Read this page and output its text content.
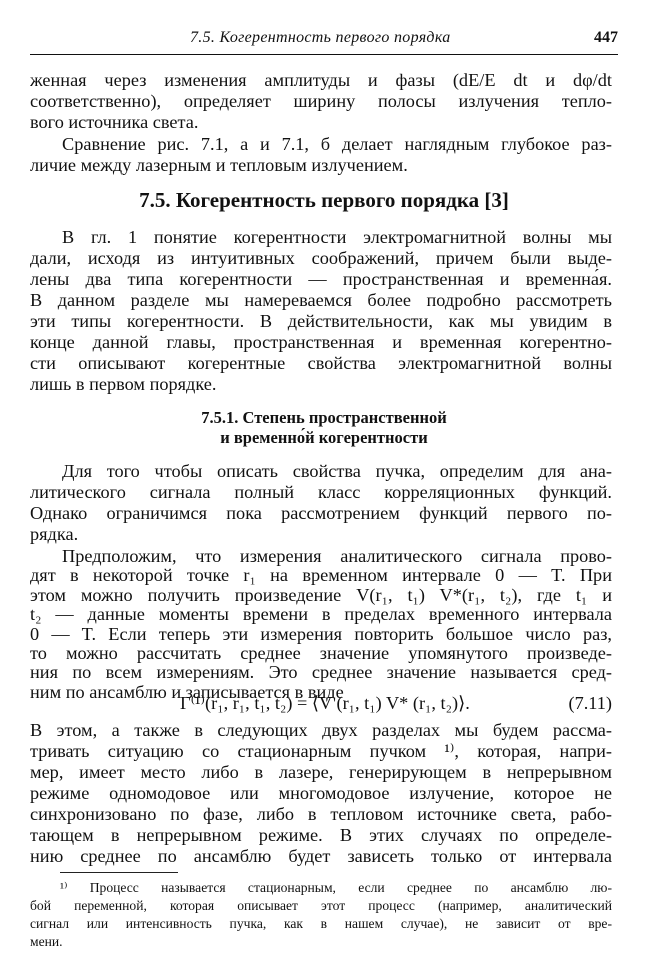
7.5. Когерентность первого порядка	447
женная через изменения амплитуды и фазы (dE/E dt и dφ/dt
соответственно), определяет ширину полосы излучения тепло-
вого источника света.
Сравнение рис. 7.1, а и 7.1, б делает наглядным глубокое раз-
личие между лазерным и тепловым излучением.
7.5. Когерентность первого порядка [3]
В гл. 1 понятие когерентности электромагнитной волны мы
дали, исходя из интуитивных соображений, причем были выде-
лены два типа когерентности — пространственная и временна́я.
В данном разделе мы намереваемся более подробно рассмотреть
эти типы когерентности. В действительности, как мы увидим в
конце данной главы, пространственная и временная когерентно-
сти описывают когерентные свойства электромагнитной волны
лишь в первом порядке.
7.5.1. Степень пространственной
и временно́й когерентности
Для того чтобы описать свойства пучка, определим для ана-
литического сигнала полный класс корреляционных функций.
Однако ограничимся пока рассмотрением функций первого по-
рядка.
Предположим, что измерения аналитического сигнала прово-
дят в некоторой точке r₁ на временном интервале 0 — T. При
этом можно получить произведение V(r₁, t₁) V*(r₁, t₂), где t₁ и
t₂ — данные моменты времени в пределах временного интервала
0 — T. Если теперь эти измерения повторить большое число раз,
то можно рассчитать среднее значение упомянутого произведе-
ния по всем измерениям. Это среднее значение называется сред-
Γ⁽¹⁾(r₁, r₁, t₁, t₂) = ⟨V (r₁, t₁) V* (r₁, t₂)⟩.	(7.11)
В этом, а также в следующих двух разделах мы будем рассма-
тривать ситуацию со стационарным пучком ¹⁾, которая, напри-
мер, имеет место либо в лазере, генерирующем в непрерывном
режиме одномодовое или многомодовое излучение, которое не
синхронизовано по фазе, либо в тепловом источнике света, рабо-
тающем в непрерывном режиме. В этих случаях по определе-
нию среднее по ансамблю будет зависеть только от интервала
¹⁾ Процесс называется стационарным, если среднее по ансамблю лю-
бой переменной, которая описывает этот процесс (например, аналитический
сигнал или интенсивность пучка, как в нашем случае), не зависит от вре-
мени.
ним по ансамблю и записывается в виде
